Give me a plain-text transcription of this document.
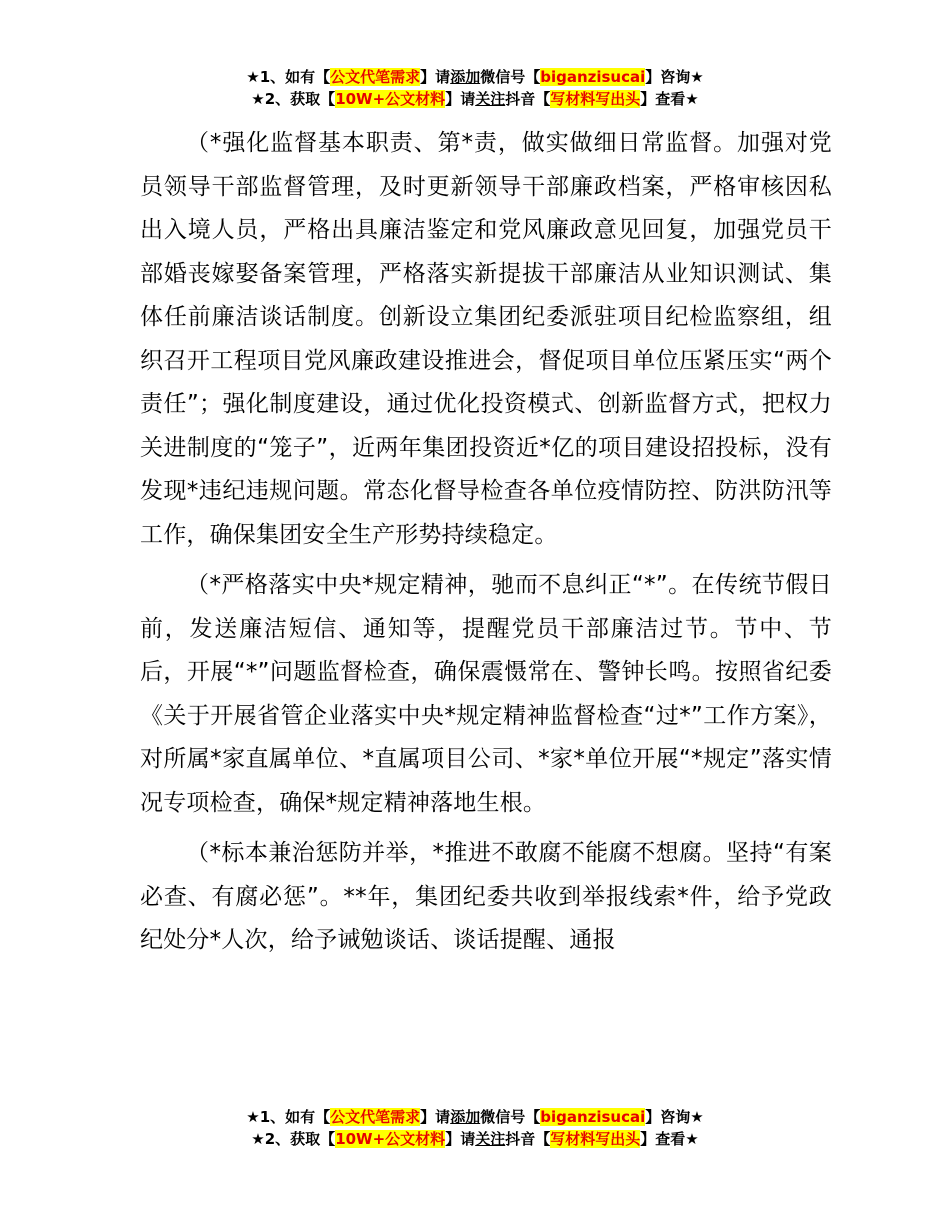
★1、如有【公文代笔需求】请添加微信号【biganzisucai】咨询★
★2、获取【10W+公文材料】请关注抖音【写材料写出头】查看★

（*强化监督基本职责、第*责，做实做细日常监督。加强对党员领导干部监督管理，及时更新领导干部廉政档案，严格审核因私出入境人员，严格出具廉洁鉴定和党风廉政意见回复，加强党员干部婚丧嫁娶备案管理，严格落实新提拔干部廉洁从业知识测试、集体任前廉洁谈话制度。创新设立集团纪委派驻项目纪检监察组，组织召开工程项目党风廉政建设推进会，督促项目单位压紧压实“两个责任”；强化制度建设，通过优化投资模式、创新监督方式，把权力关进制度的“笼子”，近两年集团投资近*亿的项目建设招投标，没有发现*违纪违规问题。常态化督导检查各单位疫情防控、防洪防汛等工作，确保集团安全生产形势持续稳定。

（*严格落实中央*规定精神，驰而不息纠正“*”。在传统节假日前，发送廉洁短信、通知等，提醒党员干部廉洁过节。节中、节后，开展“*”问题监督检查，确保震慑常在、警钟长鸣。按照省纪委《关于开展省管企业落实中央*规定精神监督检查“过*”工作方案》，对所属*家直属单位、*直属项目公司、*家*单位开展“*规定”落实情况专项检查，确保*规定精神落地生根。

（*标本兼治惩防并举，*推进不敢腐不能腐不想腐。坚持“有案必查、有腐必惩”。**年，集团纪委共收到举报线索*件，给予党政纪处分*人次，给予诫勉谈话、谈话提醒、通报

★1、如有【公文代笔需求】请添加微信号【biganzisucai】咨询★
★2、获取【10W+公文材料】请关注抖音【写材料写出头】查看★
